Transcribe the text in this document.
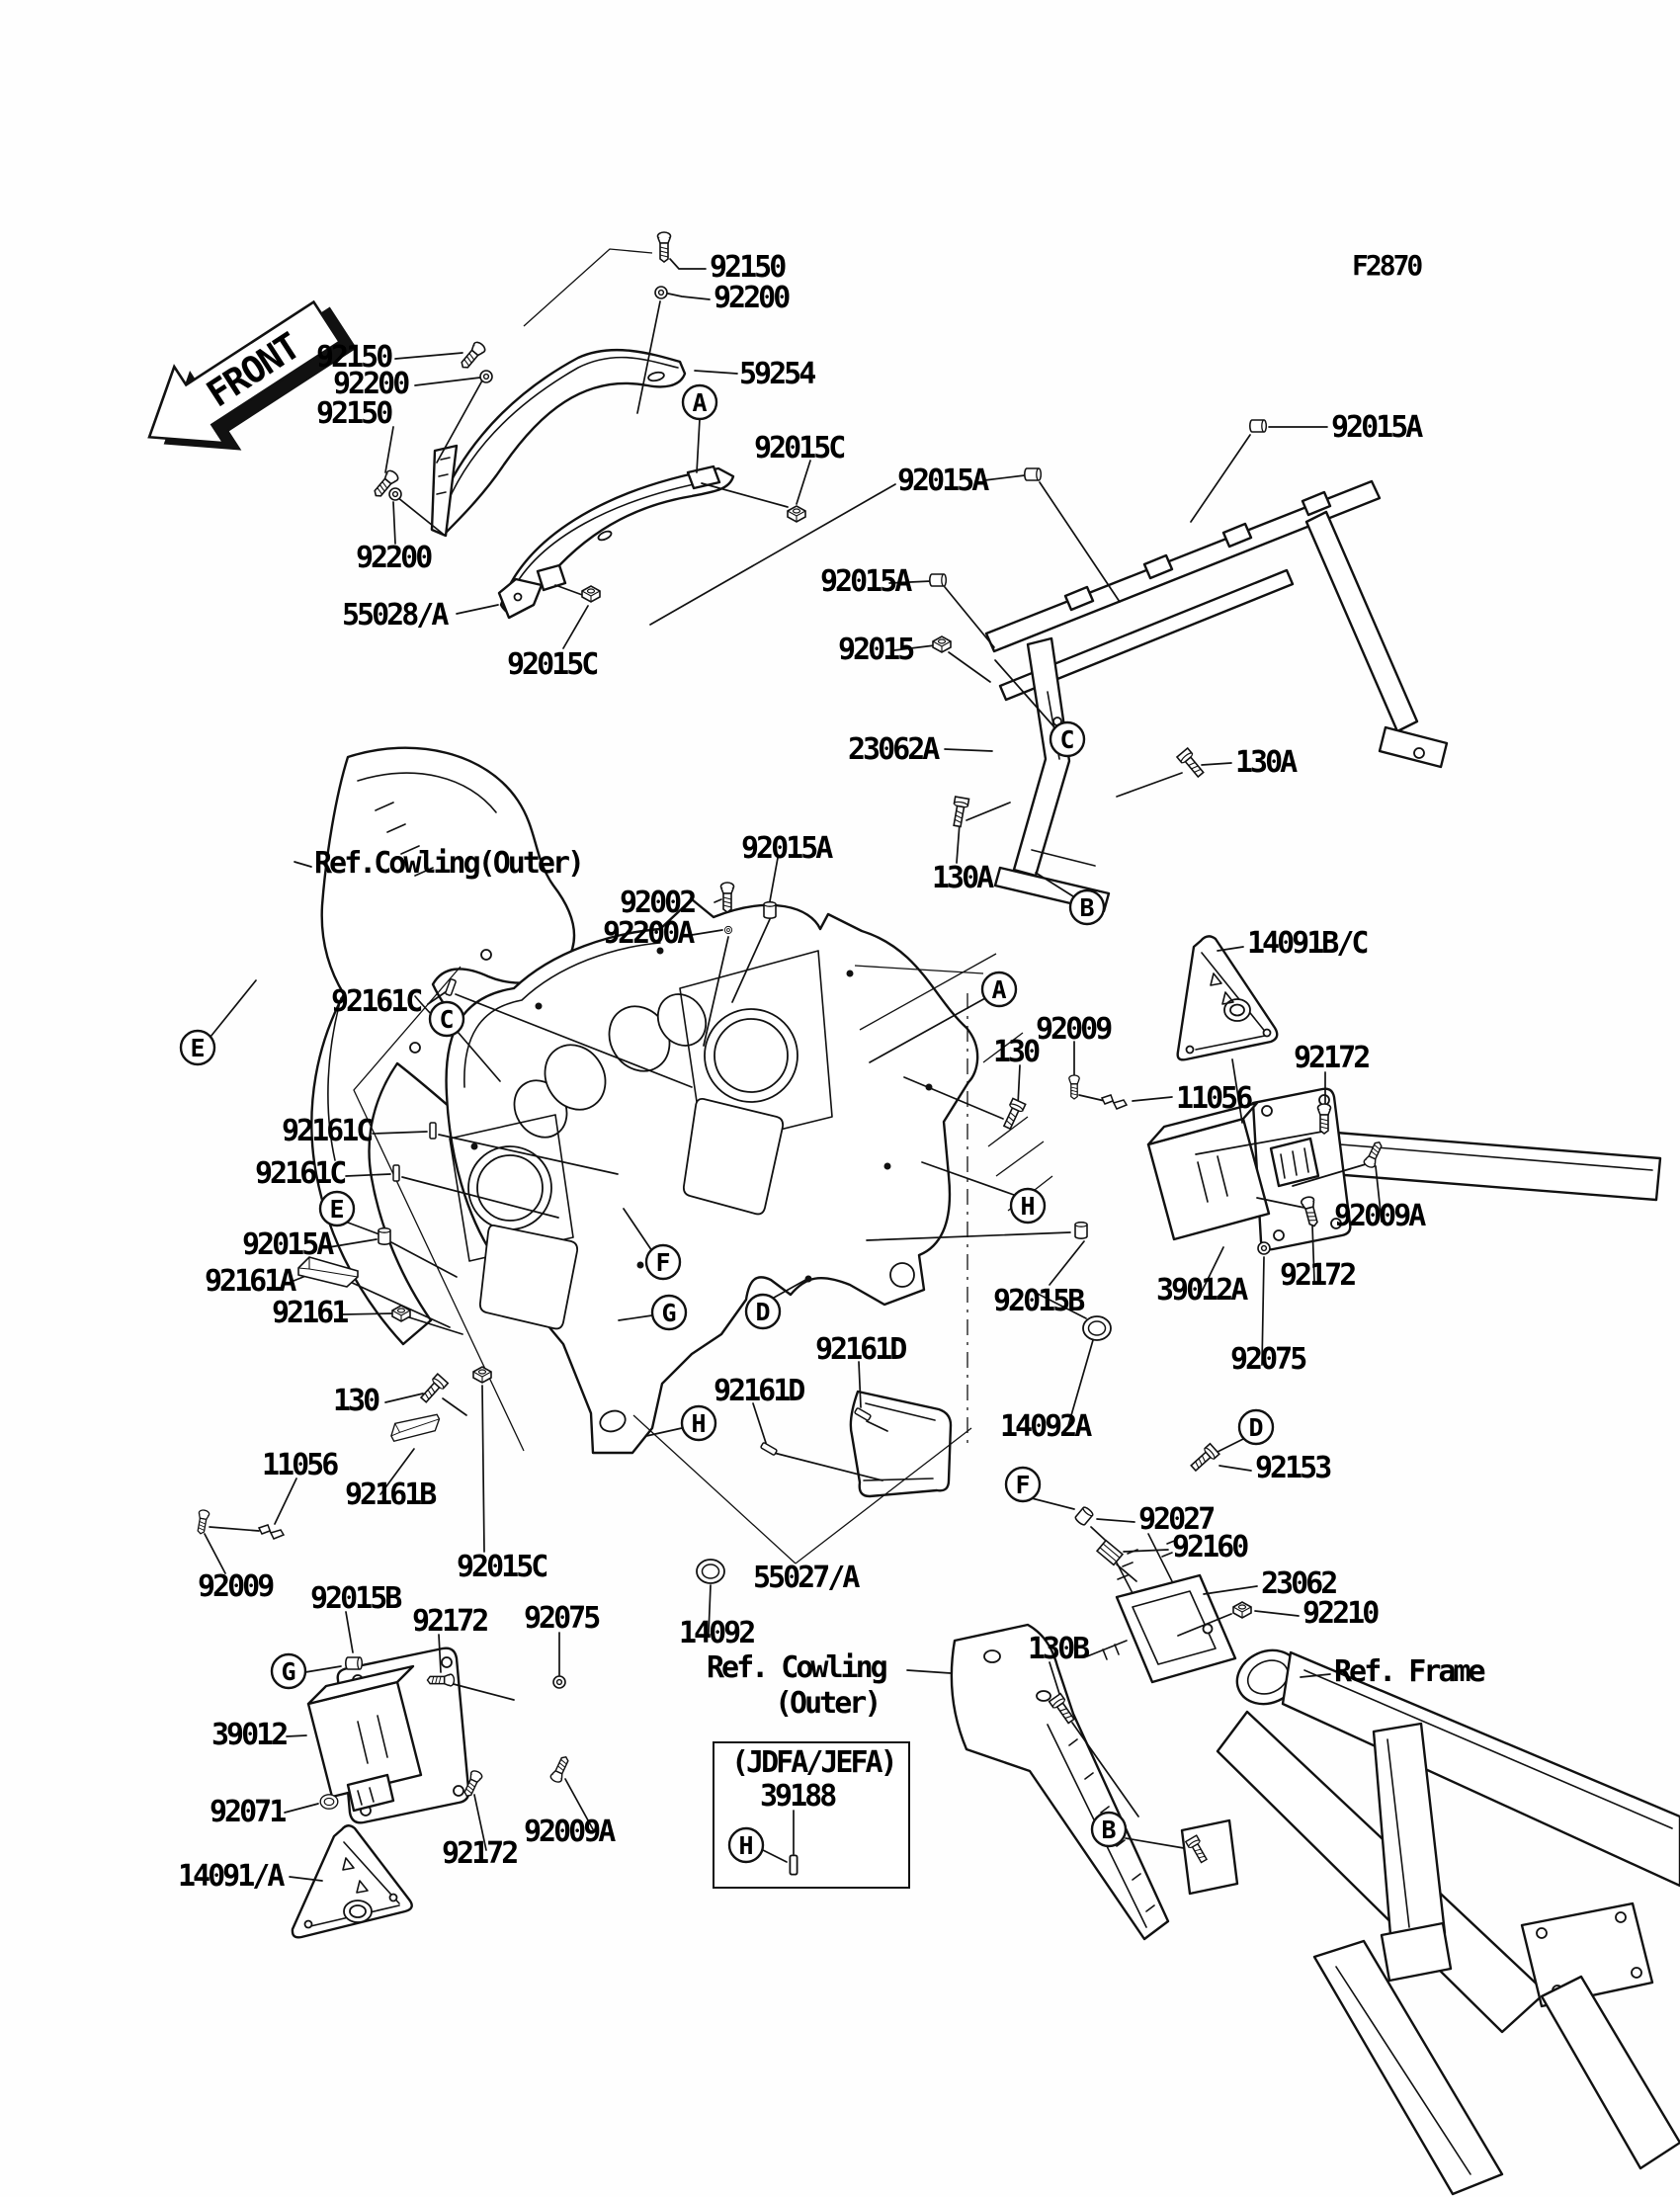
FRONT
F2870
92150
92200
59254
92015C
92015A
92015A
92150
92200
92150
92200
55028/A
92015C
92015A
92015
23062A	130A
130A
92015A
Ref.Cowling(Outer)
92002
92200A
92161C
92161C
92161C
92015A
92161A
92161
130
11056
92161B
92009
130
11056
14091B/C
92172
92009A
92172
39012A
92075
92015B
92161D
92161D
14092A
92153
92027
92160
23062
92210
Ref. Frame
130B
55027/A
14092
92075
Ref. Cowling
(Outer)
(JDFA/JEFA)
39188
92009
92015C
92015B
92172
39012
92071
14091/A
92172
92009A
A
A
B
B
C
C
D
D
E
E
F
F
G
G
H
H
H
